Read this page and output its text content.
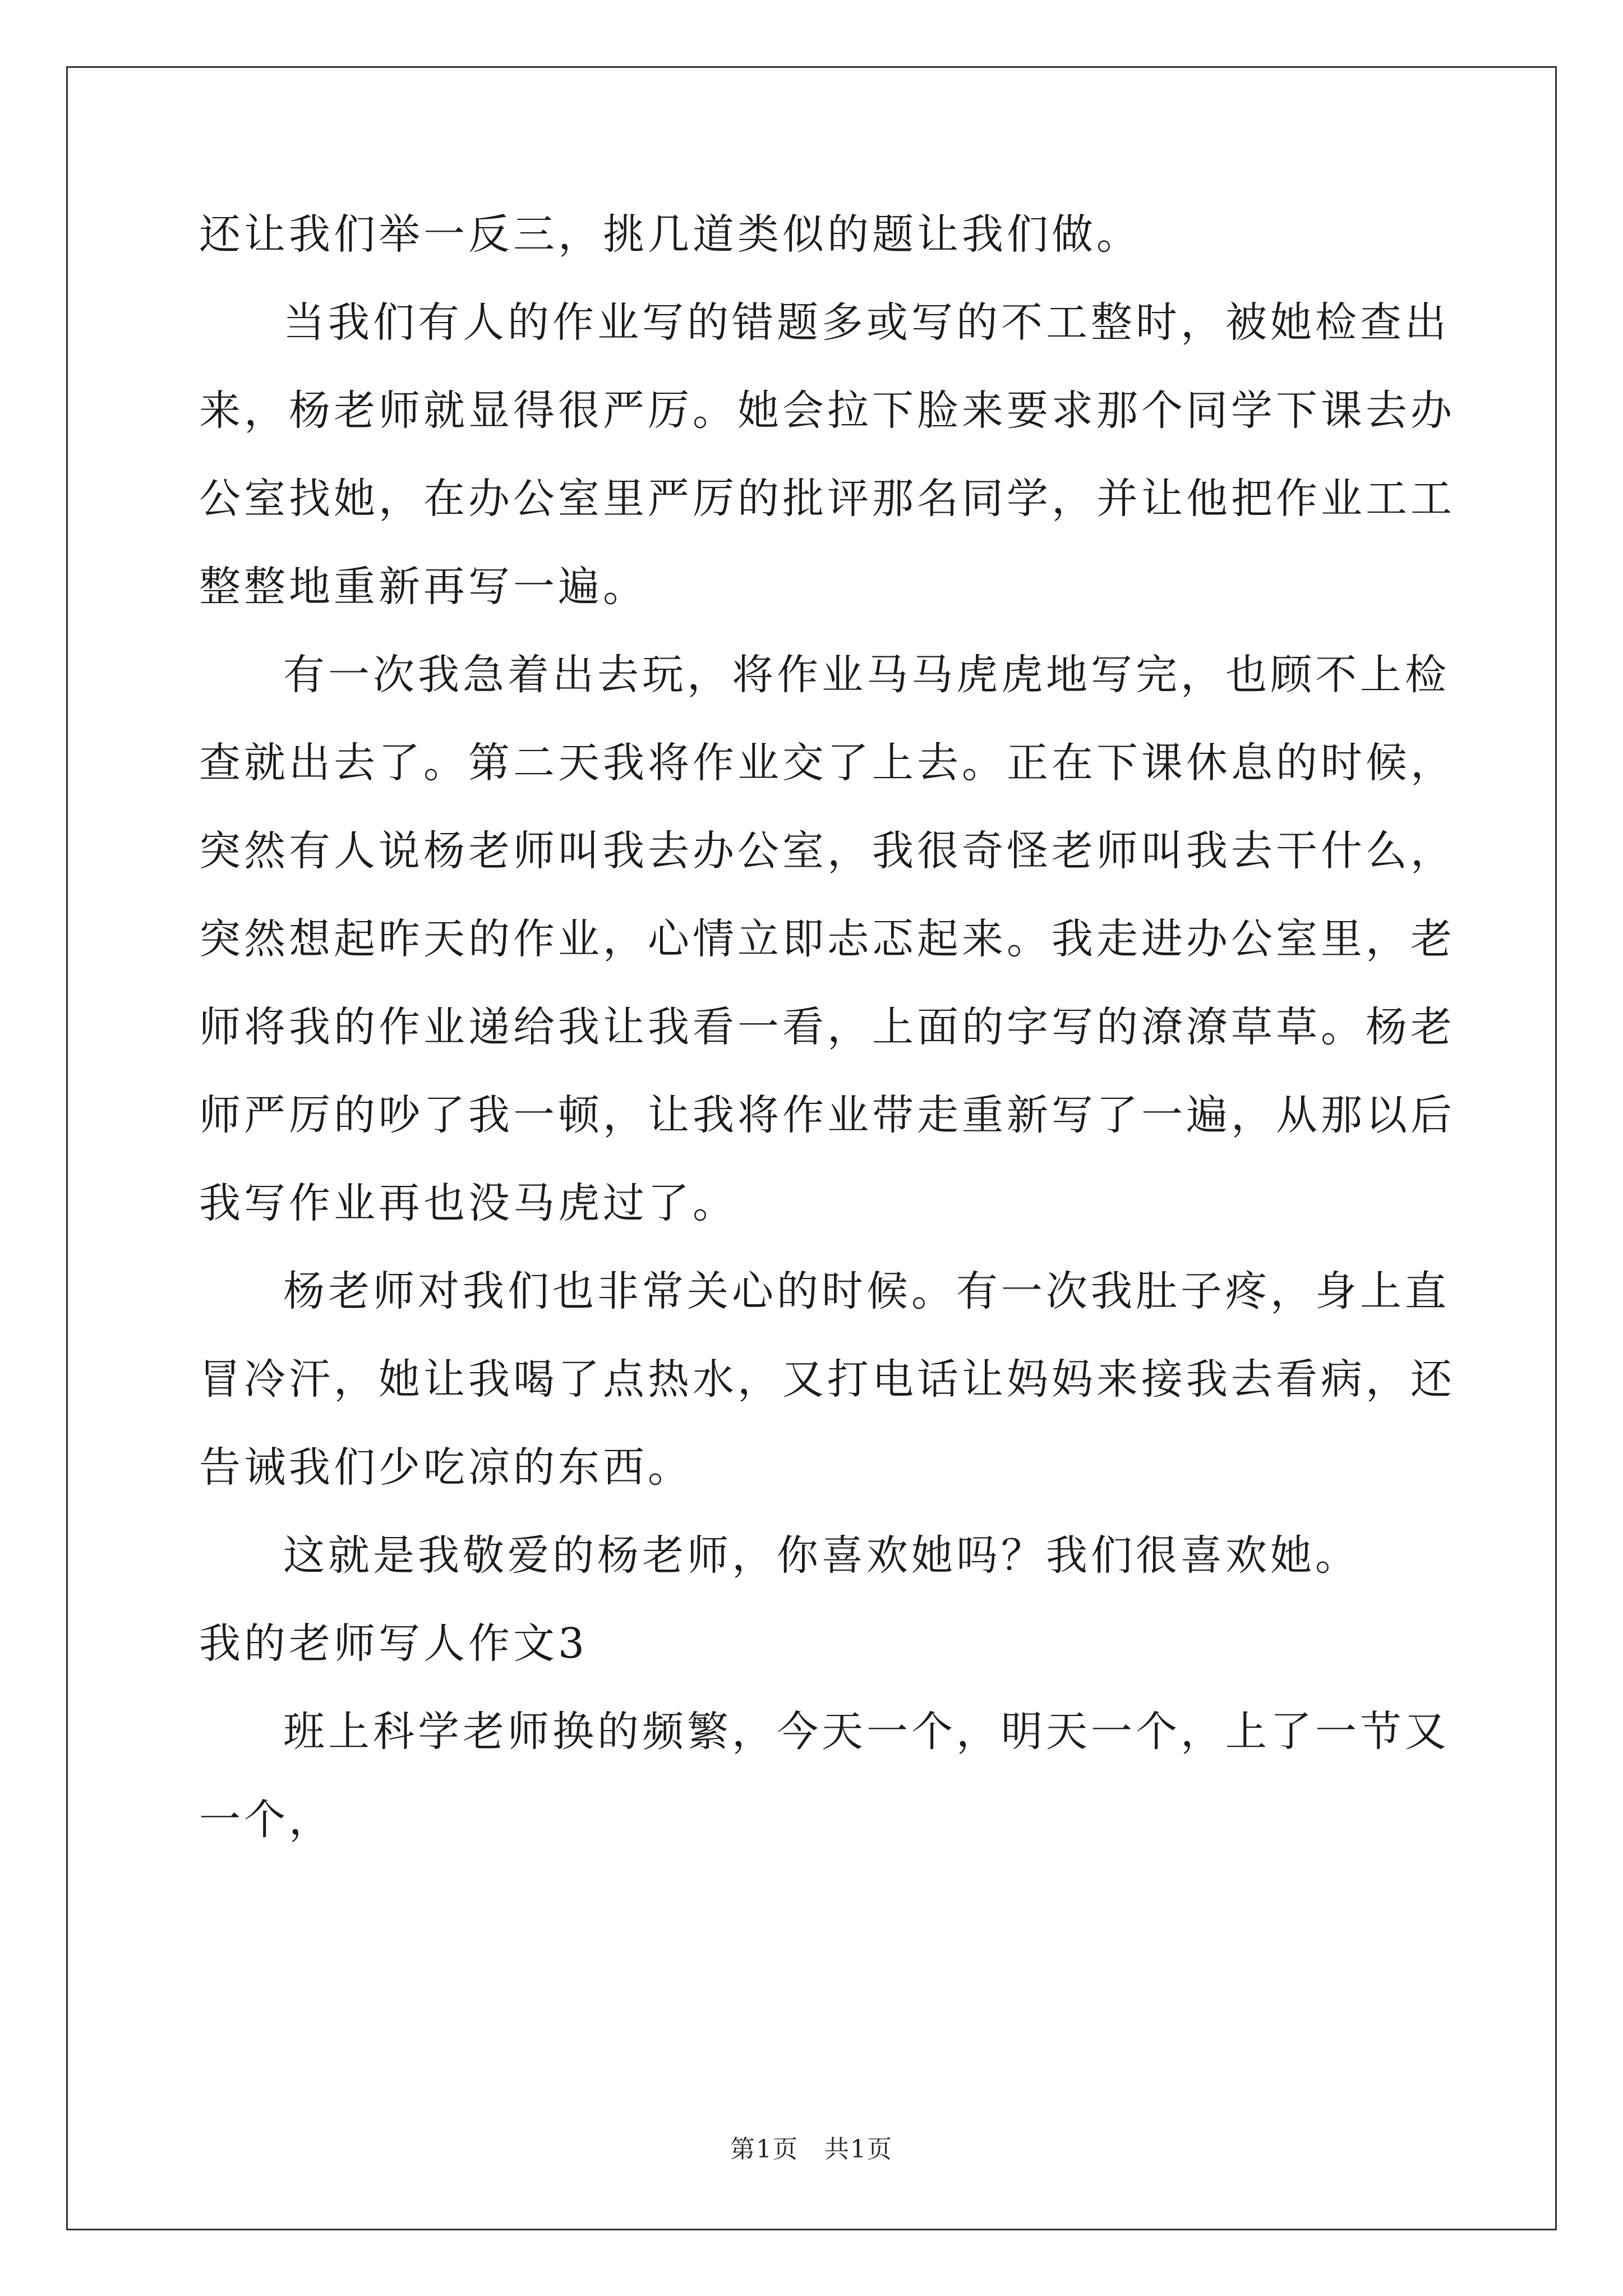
还让我们举一反三，挑几道类似的题让我们做。

当我们有人的作业写的错题多或写的不工整时，被她检查出来，杨老师就显得很严厉。她会拉下脸来要求那个同学下课去办公室找她，在办公室里严厉的批评那名同学，并让他把作业工工整整地重新再写一遍。

有一次我急着出去玩，将作业马马虎虎地写完，也顾不上检查就出去了。第二天我将作业交了上去。正在下课休息的时候，突然有人说杨老师叫我去办公室，我很奇怪老师叫我去干什么，突然想起昨天的作业，心情立即忐忑起来。我走进办公室里，老师将我的作业递给我让我看一看，上面的字写的潦潦草草。杨老师严厉的吵了我一顿，让我将作业带走重新写了一遍，从那以后我写作业再也没马虎过了。

杨老师对我们也非常关心的时候。有一次我肚子疼，身上直冒冷汗，她让我喝了点热水，又打电话让妈妈来接我去看病，还告诫我们少吃凉的东西。

这就是我敬爱的杨老师，你喜欢她吗？我们很喜欢她。

我的老师写人作文3

班上科学老师换的频繁，今天一个，明天一个，上了一节又一个，

第1页　共1页
